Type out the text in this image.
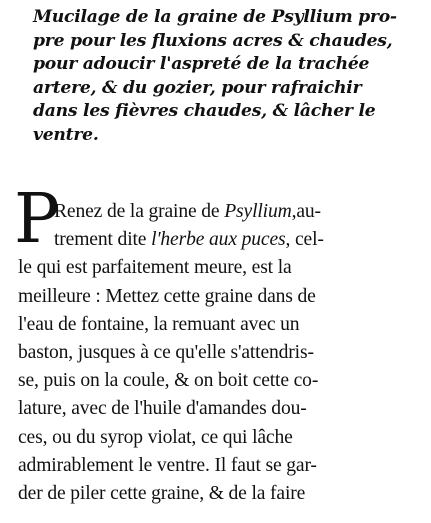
Mucilage de la graine de Psyllium pro-
pre pour les fluxions acres & chaudes,
pour adoucir l'aspreté de la trachée
artere, & du gozier, pour rafraichir
dans les fièvres chaudes, & lâcher le
ventre.
P
Renez de la graine de Psyllium,au-
trement dite l'herbe aux puces, cel-
le qui est parfaitement meure, est la
meilleure : Mettez cette graine dans de
l'eau de fontaine, la remuant avec un
baston, jusques à ce qu'elle s'attendris-
se, puis on la coule, & on boit cette co-
lature, avec de l'huile d'amandes dou-
ces, ou du syrop violat, ce qui lâche
admirablement le ventre. Il faut se gar-
der de piler cette graine, & de la faire
